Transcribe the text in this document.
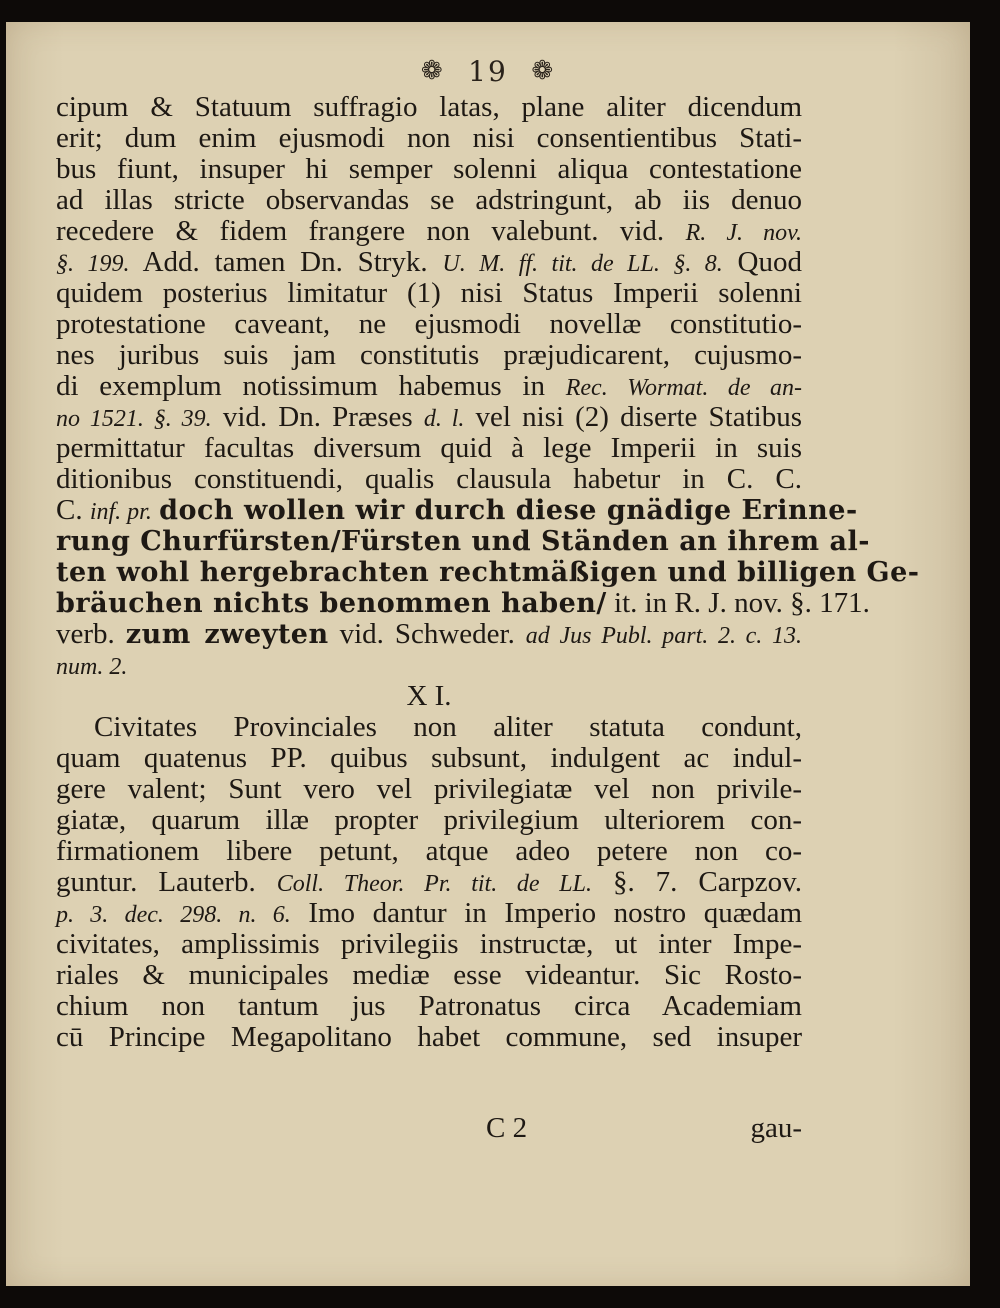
❁ 19 ❁
cipum & Statuum suffragio latas, plane aliter dicendum
erit; dum enim ejusmodi non nisi consentientibus Stati-
bus fiunt, insuper hi semper solenni aliqua contestatione
ad illas stricte observandas se adstringunt, ab iis denuo
recedere & fidem frangere non valebunt. vid. R. J. nov.
§. 199. Add. tamen Dn. Stryk. U. M. ff. tit. de LL. §. 8. Quod
quidem posterius limitatur (1) nisi Status Imperii solenni
protestatione caveant, ne ejusmodi novellæ constitutio-
nes juribus suis jam constitutis præjudicarent, cujusmo-
di exemplum notissimum habemus in Rec. Wormat. de an-
no 1521. §. 39. vid. Dn. Præses d. l. vel nisi (2) diserte Statibus
permittatur facultas diversum quid à lege Imperii in suis
ditionibus constituendi, qualis clausula habetur in C. C.
C. inf. pr. doch wollen wir durch diese gnädige Erinne-
rung Churfürsten/Fürsten und Ständen an ihrem al-
ten wohl hergebrachten rechtmäßigen und billigen Ge-
bräuchen nichts benommen haben/ it. in R. J. nov. §. 171.
verb. zum zweyten vid. Schweder. ad Jus Publ. part. 2. c. 13.
num. 2.
X I.
Civitates Provinciales non aliter statuta condunt,
quam quatenus PP. quibus subsunt, indulgent ac indul-
gere valent; Sunt vero vel privilegiatæ vel non privile-
giatæ, quarum illæ propter privilegium ulteriorem con-
firmationem libere petunt, atque adeo petere non co-
guntur. Lauterb. Coll. Theor. Pr. tit. de LL. §. 7. Carpzov.
p. 3. dec. 298. n. 6. Imo dantur in Imperio nostro quædam
civitates, amplissimis privilegiis instructæ, ut inter Impe-
riales & municipales mediæ esse videantur. Sic Rosto-
chium non tantum jus Patronatus circa Academiam
cū Principe Megapolitano habet commune, sed insuper
C 2	gau-
